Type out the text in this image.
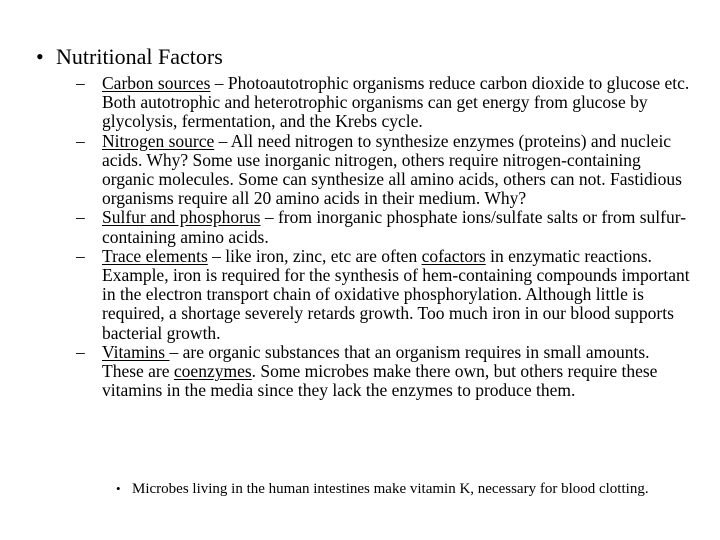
• Nutritional Factors
– Carbon sources – Photoautotrophic organisms reduce carbon dioxide to glucose etc. Both autotrophic and heterotrophic organisms can get energy from glucose by glycolysis, fermentation, and the Krebs cycle.
– Nitrogen source – All need nitrogen to synthesize enzymes (proteins) and nucleic acids. Why? Some use inorganic nitrogen, others require nitrogen-containing organic molecules. Some can synthesize all amino acids, others can not. Fastidious organisms require all 20 amino acids in their medium. Why?
– Sulfur and phosphorus – from inorganic phosphate ions/sulfate salts or from sulfur-containing amino acids.
– Trace elements – like iron, zinc, etc are often cofactors in enzymatic reactions. Example, iron is required for the synthesis of hem-containing compounds important in the electron transport chain of oxidative phosphorylation. Although little is required, a shortage severely retards growth. Too much iron in our blood supports bacterial growth.
– Vitamins – are organic substances that an organism requires in small amounts. These are coenzymes. Some microbes make there own, but others require these vitamins in the media since they lack the enzymes to produce them.
• Microbes living in the human intestines make vitamin K, necessary for blood clotting.
